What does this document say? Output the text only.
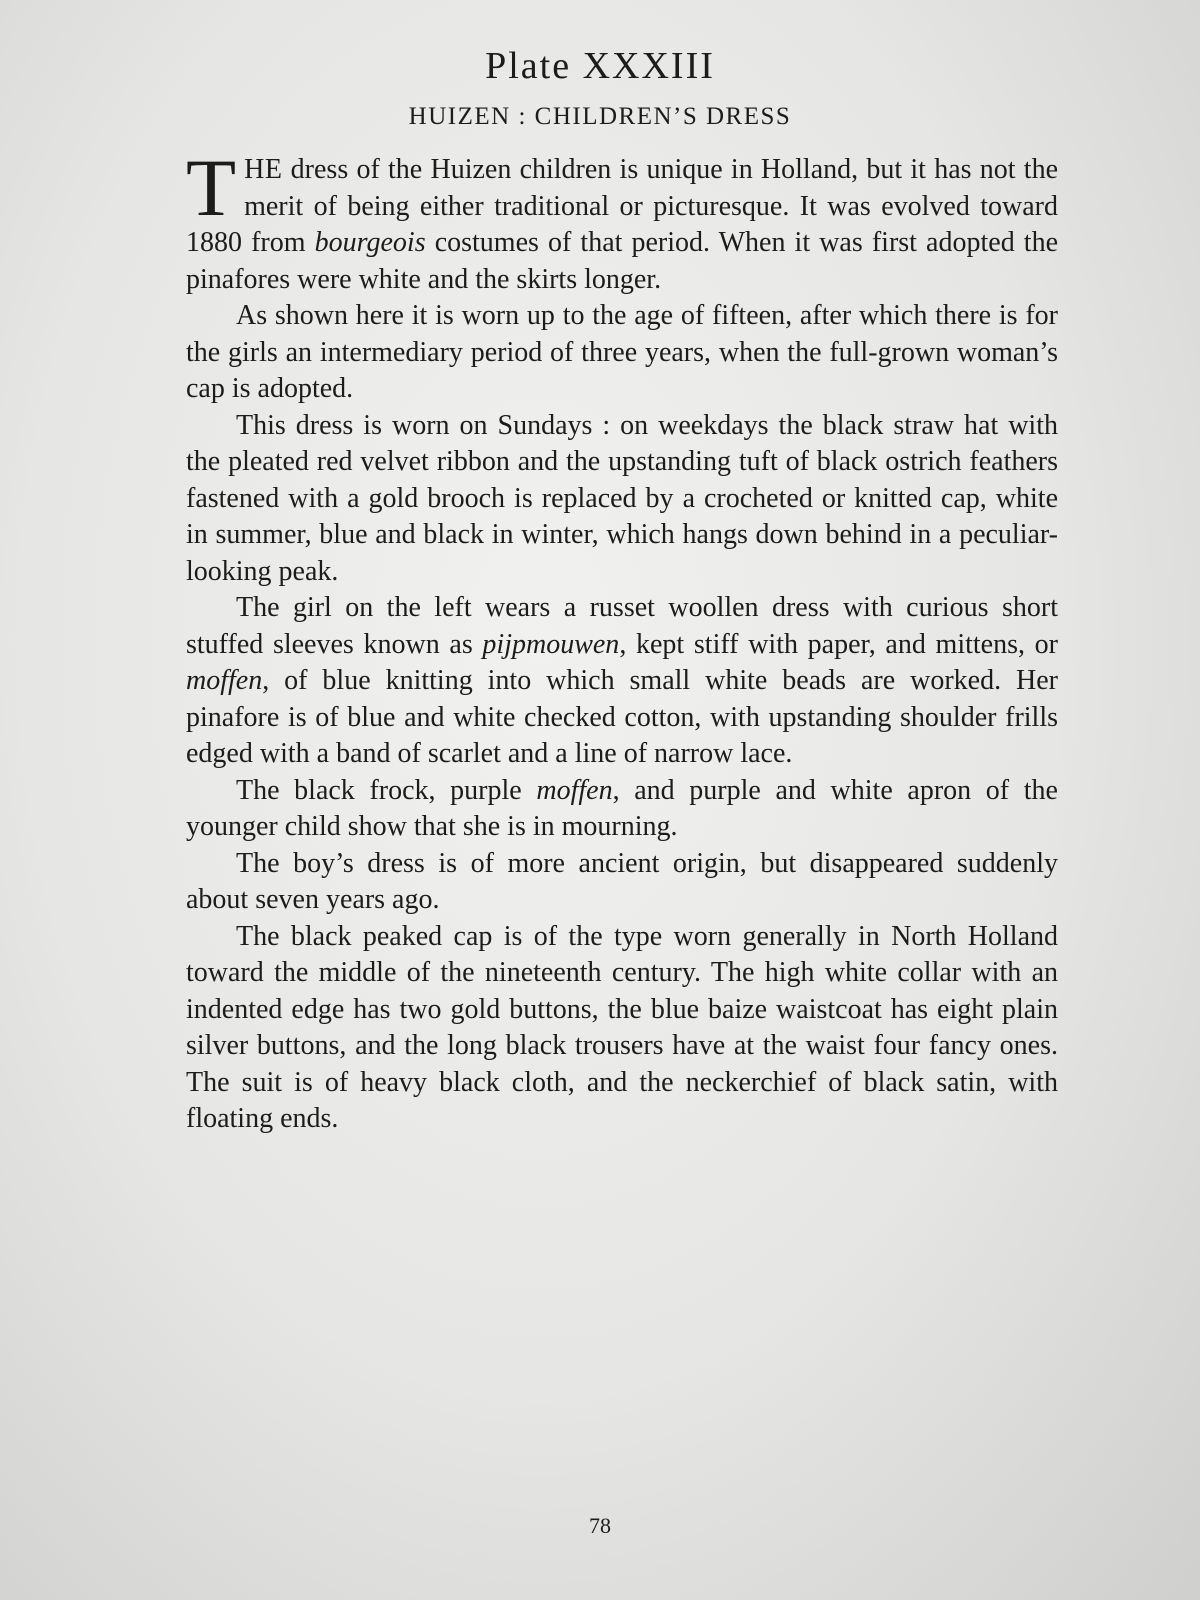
Plate XXXIII
HUIZEN : CHILDREN’S DRESS

THE dress of the Huizen children is unique in Holland, but it has not the merit of being either traditional or picturesque. It was evolved toward 1880 from bourgeois costumes of that period. When it was first adopted the pinafores were white and the skirts longer.

As shown here it is worn up to the age of fifteen, after which there is for the girls an intermediary period of three years, when the full-grown woman’s cap is adopted.

This dress is worn on Sundays : on weekdays the black straw hat with the pleated red velvet ribbon and the upstanding tuft of black ostrich feathers fastened with a gold brooch is replaced by a crocheted or knitted cap, white in summer, blue and black in winter, which hangs down behind in a peculiar-looking peak.

The girl on the left wears a russet woollen dress with curious short stuffed sleeves known as pijpmouwen, kept stiff with paper, and mittens, or moffen, of blue knitting into which small white beads are worked. Her pinafore is of blue and white checked cotton, with upstanding shoulder frills edged with a band of scarlet and a line of narrow lace.

The black frock, purple moffen, and purple and white apron of the younger child show that she is in mourning.

The boy’s dress is of more ancient origin, but disappeared suddenly about seven years ago.

The black peaked cap is of the type worn generally in North Holland toward the middle of the nineteenth century. The high white collar with an indented edge has two gold buttons, the blue baize waistcoat has eight plain silver buttons, and the long black trousers have at the waist four fancy ones. The suit is of heavy black cloth, and the neckerchief of black satin, with floating ends.

78
